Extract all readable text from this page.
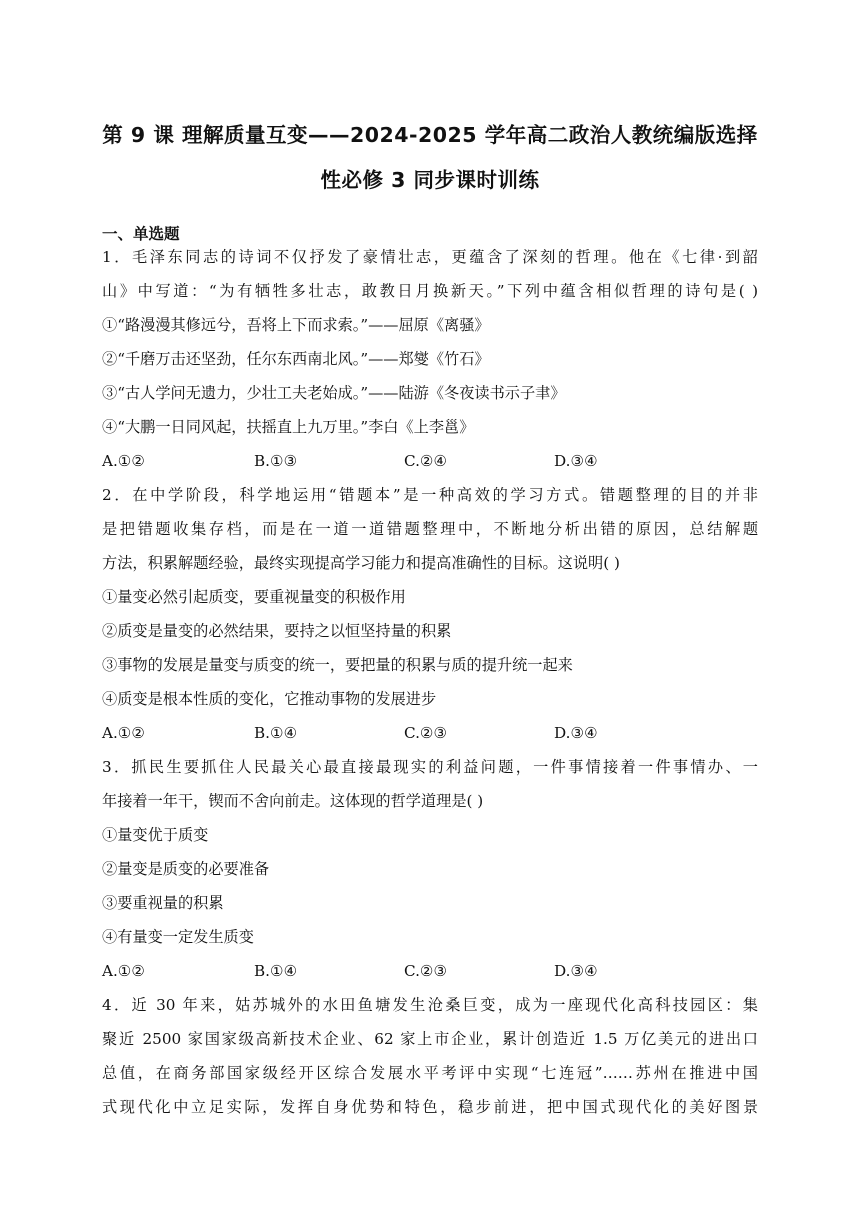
第 9 课 理解质量互变——2024-2025 学年高二政治人教统编版选择
性必修 3 同步课时训练
一、单选题
1．毛泽东同志的诗词不仅抒发了豪情壮志，更蕴含了深刻的哲理。他在《七律·到韶
山》中写道：“为有牺牲多壮志，敢教日月换新天。”下列中蕴含相似哲理的诗句是( )
①“路漫漫其修远兮，吾将上下而求索。”——屈原《离骚》
②“千磨万击还坚劲，任尔东西南北风。”——郑燮《竹石》
③“古人学问无遗力，少壮工夫老始成。”——陆游《冬夜读书示子聿》
④“大鹏一日同风起，扶摇直上九万里。”李白《上李邕》
A.①②	B.①③	C.②④	D.③④
2．在中学阶段，科学地运用“错题本”是一种高效的学习方式。错题整理的目的并非
是把错题收集存档，而是在一道一道错题整理中，不断地分析出错的原因，总结解题
方法，积累解题经验，最终实现提高学习能力和提高准确性的目标。这说明( )
①量变必然引起质变，要重视量变的积极作用
②质变是量变的必然结果，要持之以恒坚持量的积累
③事物的发展是量变与质变的统一，要把量的积累与质的提升统一起来
④质变是根本性质的变化，它推动事物的发展进步
A.①②	B.①④	C.②③	D.③④
3．抓民生要抓住人民最关心最直接最现实的利益问题，一件事情接着一件事情办、一
年接着一年干，锲而不舍向前走。这体现的哲学道理是( )
①量变优于质变
②量变是质变的必要准备
③要重视量的积累
④有量变一定发生质变
A.①②	B.①④	C.②③	D.③④
4．近 30 年来，姑苏城外的水田鱼塘发生沧桑巨变，成为一座现代化高科技园区：集
聚近 2500 家国家级高新技术企业、62 家上市企业，累计创造近 1.5 万亿美元的进出口
总值，在商务部国家级经开区综合发展水平考评中实现“七连冠”……苏州在推进中国
式现代化中立足实际，发挥自身优势和特色，稳步前进，把中国式现代化的美好图景
